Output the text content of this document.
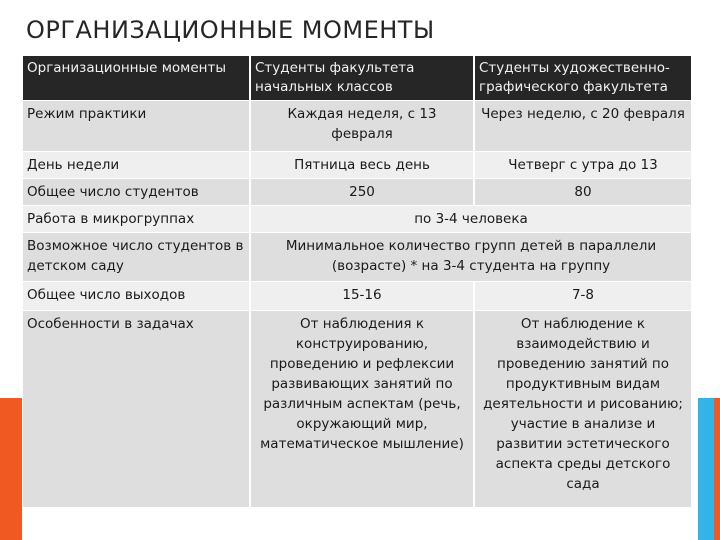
ОРГАНИЗАЦИОННЫЕ МОМЕНТЫ
Организационные моменты	Студенты факультета начальных классов	Студенты художественно-графического факультета
Режим практики	Каждая неделя, с 13 февраля	Через неделю, с 20 февраля
День недели	Пятница весь день	Четверг с утра до 13
Общее число студентов	250	80
Работа в микрогруппах	по 3-4 человека	
Возможное число студентов в детском саду	Минимальное количество групп детей в параллели (возрасте) * на 3-4 студента на группу	
Общее число выходов	15-16	7-8
Особенности в задачах	От наблюдения к конструированию, проведению и рефлексии развивающих занятий по различным аспектам (речь, окружающий мир, математическое мышление)	От наблюдение к взаимодействию и проведению занятий по продуктивным видам деятельности и рисованию; участие в анализе и развитии эстетического аспекта среды детского сада
